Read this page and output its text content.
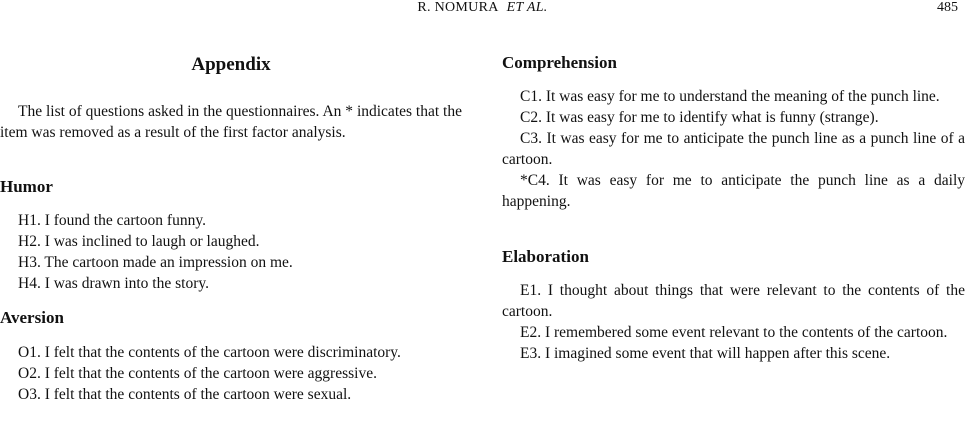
R. NOMURA ET AL.	485
Appendix

The list of questions asked in the questionnaires. An * indicates that the item was removed as a result of the first factor analysis.

Humor

H1. I found the cartoon funny.

H2. I was inclined to laugh or laughed.

H3. The cartoon made an impression on me.

H4. I was drawn into the story.

Aversion

O1. I felt that the contents of the cartoon were discriminatory.

O2. I felt that the contents of the cartoon were aggressive.

O3. I felt that the contents of the cartoon were sexual.

Comprehension

C1. It was easy for me to understand the meaning of the punch line.

C2. It was easy for me to identify what is funny (strange).

C3. It was easy for me to anticipate the punch line as a punch line of a cartoon.

*C4. It was easy for me to anticipate the punch line as a daily happening.

Elaboration

E1. I thought about things that were relevant to the contents of the cartoon.

E2. I remembered some event relevant to the contents of the cartoon.

E3. I imagined some event that will happen after this scene.
